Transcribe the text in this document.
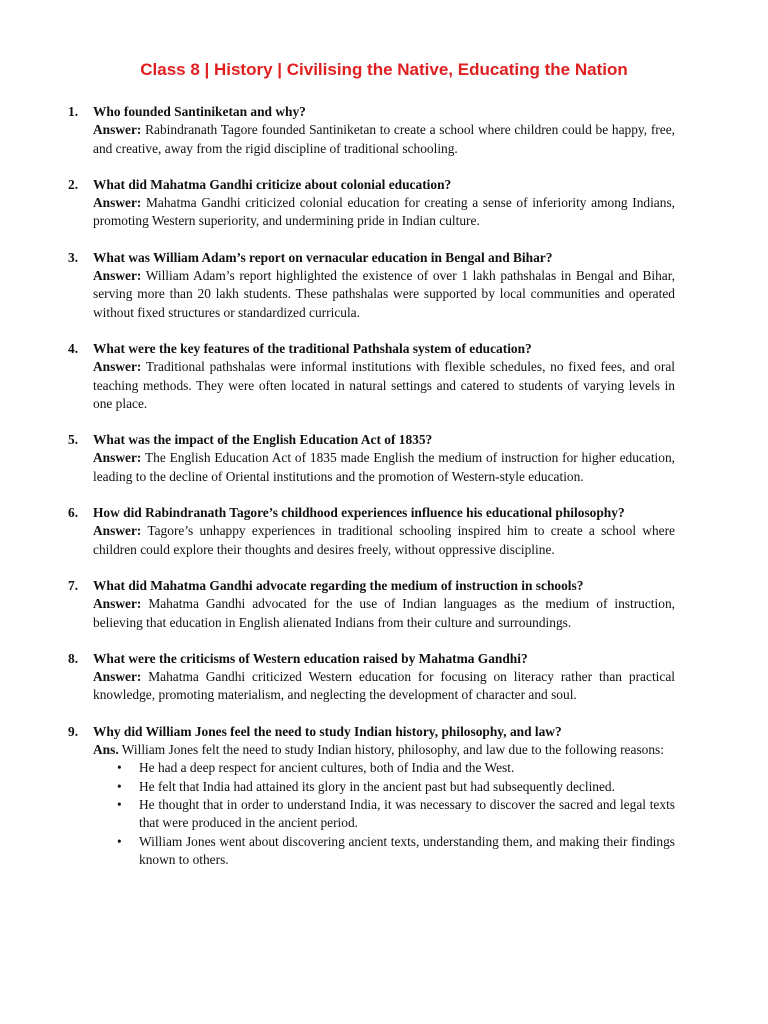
Class 8 | History | Civilising the Native, Educating the Nation
1. Who founded Santiniketan and why?
Answer: Rabindranath Tagore founded Santiniketan to create a school where children could be happy, free, and creative, away from the rigid discipline of traditional schooling.
2. What did Mahatma Gandhi criticize about colonial education?
Answer: Mahatma Gandhi criticized colonial education for creating a sense of inferiority among Indians, promoting Western superiority, and undermining pride in Indian culture.
3. What was William Adam’s report on vernacular education in Bengal and Bihar?
Answer: William Adam’s report highlighted the existence of over 1 lakh pathshalas in Bengal and Bihar, serving more than 20 lakh students. These pathshalas were supported by local communities and operated without fixed structures or standardized curricula.
4. What were the key features of the traditional Pathshala system of education?
Answer: Traditional pathshalas were informal institutions with flexible schedules, no fixed fees, and oral teaching methods. They were often located in natural settings and catered to students of varying levels in one place.
5. What was the impact of the English Education Act of 1835?
Answer: The English Education Act of 1835 made English the medium of instruction for higher education, leading to the decline of Oriental institutions and the promotion of Western-style education.
6. How did Rabindranath Tagore’s childhood experiences influence his educational philosophy?
Answer: Tagore’s unhappy experiences in traditional schooling inspired him to create a school where children could explore their thoughts and desires freely, without oppressive discipline.
7. What did Mahatma Gandhi advocate regarding the medium of instruction in schools?
Answer: Mahatma Gandhi advocated for the use of Indian languages as the medium of instruction, believing that education in English alienated Indians from their culture and surroundings.
8. What were the criticisms of Western education raised by Mahatma Gandhi?
Answer: Mahatma Gandhi criticized Western education for focusing on literacy rather than practical knowledge, promoting materialism, and neglecting the development of character and soul.
9. Why did William Jones feel the need to study Indian history, philosophy, and law?
Ans. William Jones felt the need to study Indian history, philosophy, and law due to the following reasons:
• He had a deep respect for ancient cultures, both of India and the West.
• He felt that India had attained its glory in the ancient past but had subsequently declined.
• He thought that in order to understand India, it was necessary to discover the sacred and legal texts that were produced in the ancient period.
• William Jones went about discovering ancient texts, understanding them, and making their findings known to others.
